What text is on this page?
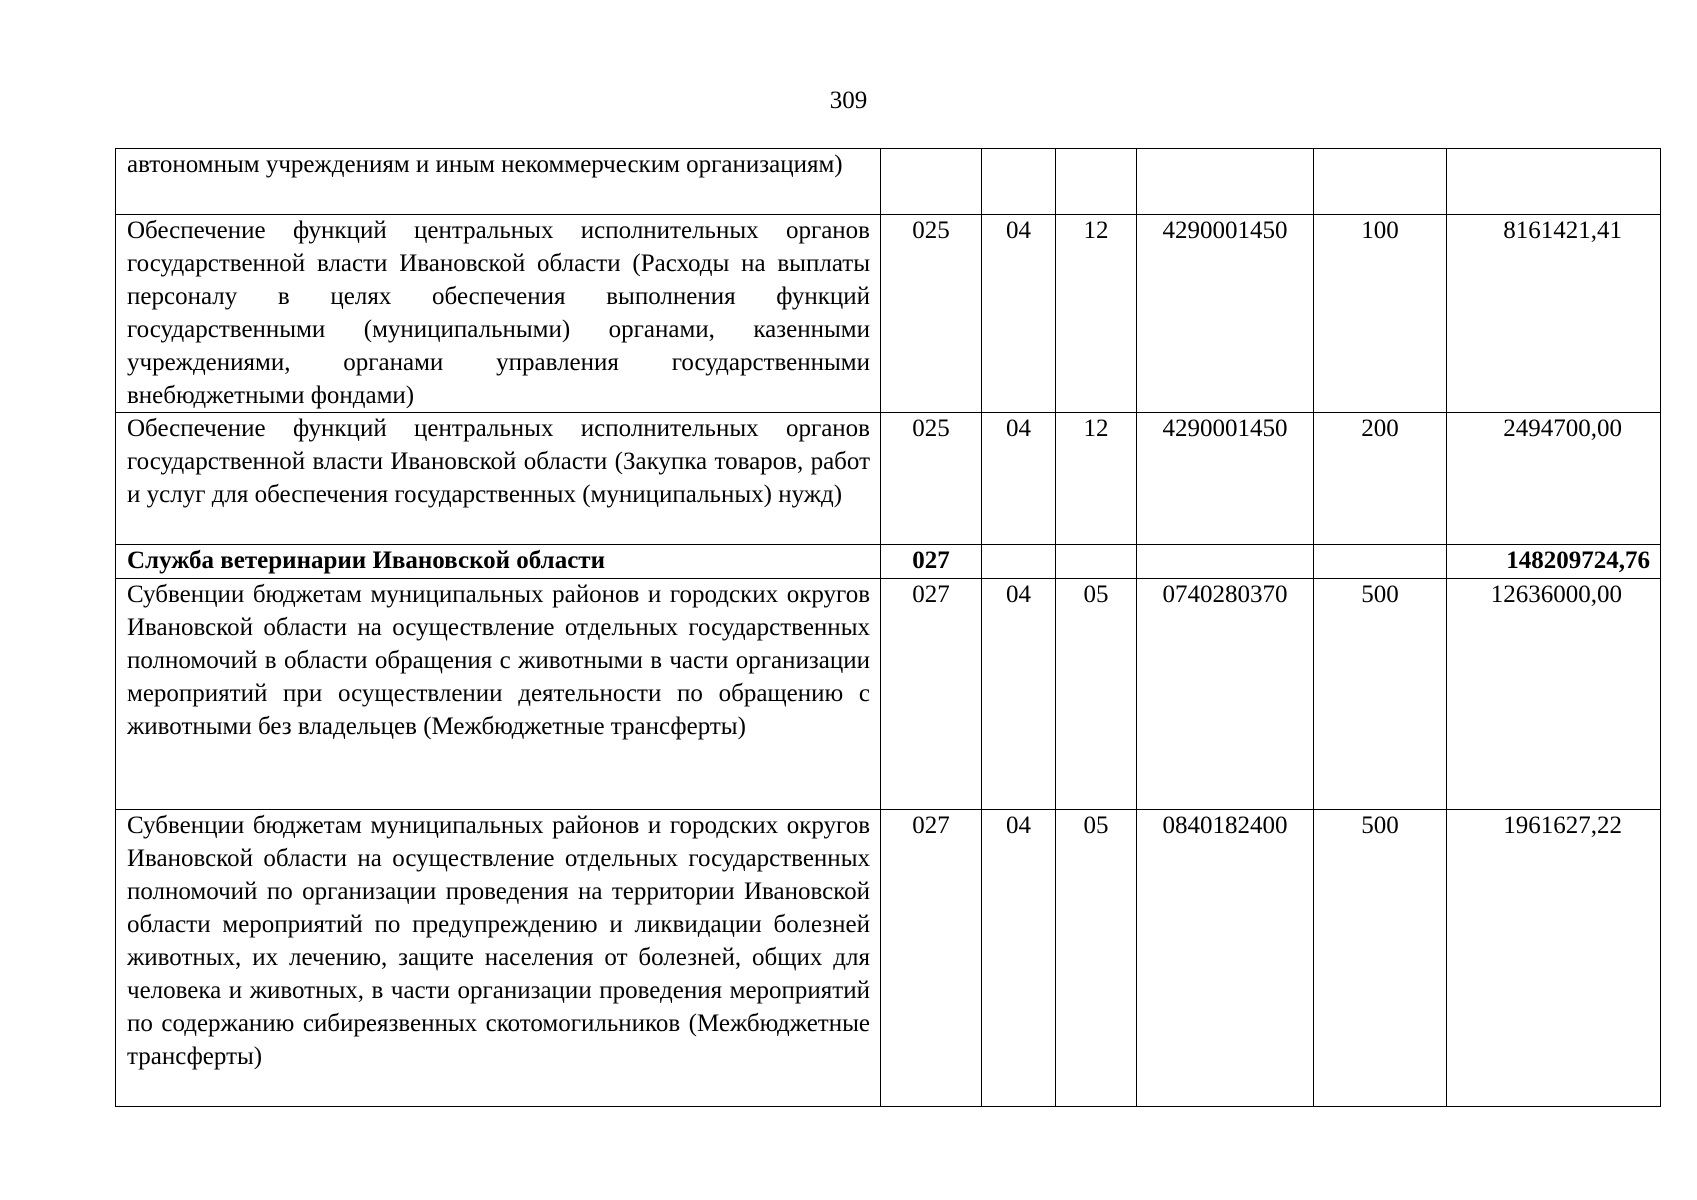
309
автономным учреждениям и иным некоммерческим организациям)						
Обеспечение функций центральных исполнительных органов государственной власти Ивановской области (Расходы на выплаты персоналу в целях обеспечения выполнения функций государственными (муниципальными) органами, казенными учреждениями, органами управления государственными внебюджетными фондами)	025	04	12	4290001450	100	8161421,41
Обеспечение функций центральных исполнительных органов государственной власти Ивановской области (Закупка товаров, работ и услуг для обеспечения государственных (муниципальных) нужд)	025	04	12	4290001450	200	2494700,00
Служба ветеринарии Ивановской области	027					148209724,76
Субвенции бюджетам муниципальных районов и городских округов Ивановской области на осуществление отдельных государственных полномочий в области обращения с животными в части организации мероприятий при осуществлении деятельности по обращению с животными без владельцев (Межбюджетные трансферты)	027	04	05	0740280370	500	12636000,00
Субвенции бюджетам муниципальных районов и городских округов Ивановской области на осуществление отдельных государственных полномочий по организации проведения на территории Ивановской области мероприятий по предупреждению и ликвидации болезней животных, их лечению, защите населения от болезней, общих для человека и животных, в части организации проведения мероприятий по содержанию сибиреязвенных скотомогильников (Межбюджетные трансферты)	027	04	05	0840182400	500	1961627,22
